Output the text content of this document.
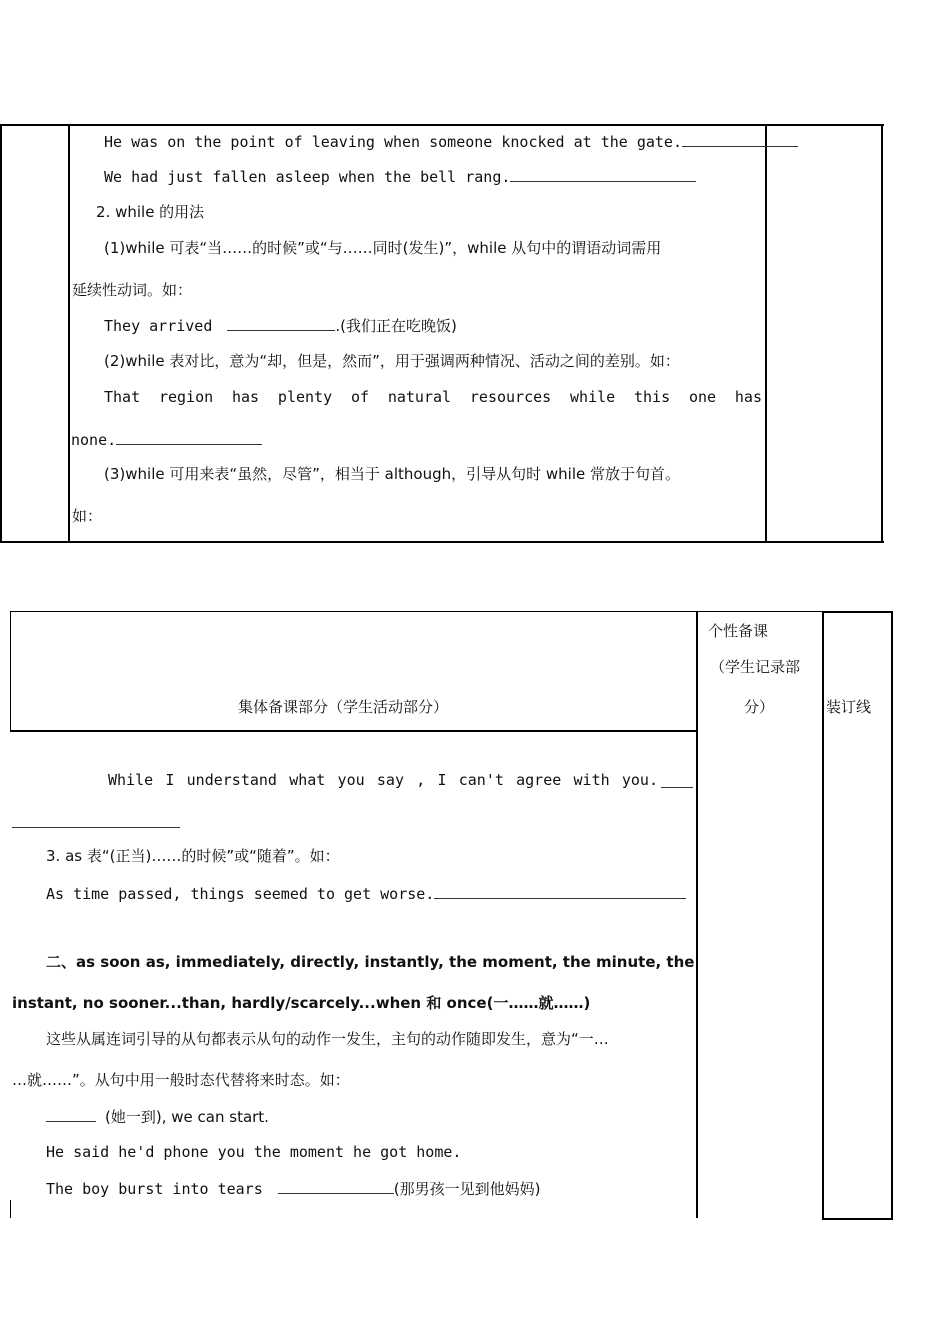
He was on the point of leaving when someone knocked at the gate.
We had just fallen asleep when the bell rang.
2. while 的用法
(1)while 可表“当……的时候”或“与……同时(发生)”，while 从句中的谓语动词需用
延续性动词。如：
They arrived	.(我们正在吃晚饭)
(2)while 表对比，意为“却，但是，然而”，用于强调两种情况、活动之间的差别。如：
That region has plenty of natural resources while this one has
none.
(3)while 可用来表“虽然，尽管”，相当于 although，引导从句时 while 常放于句首。
如：
集体备课部分（学生活动部分）
个性备课
（学生记录部
分）	装订线
While I understand what you say , I can't agree with you.
3. as 表“(正当)……的时候”或“随着”。如：
As time passed, things seemed to get worse.
二、as soon as, immediately, directly, instantly, the moment, the minute, the
instant, no sooner...than, hardly/scarcely...when 和 once(一……就……)
这些从属连词引导的从句都表示从句的动作一发生，主句的动作随即发生，意为“一…
…就……”。从句中用一般时态代替将来时态。如：
(她一到), we can start.
He said he'd phone you the moment he got home.
The boy burst into tears	(那男孩一见到他妈妈)
